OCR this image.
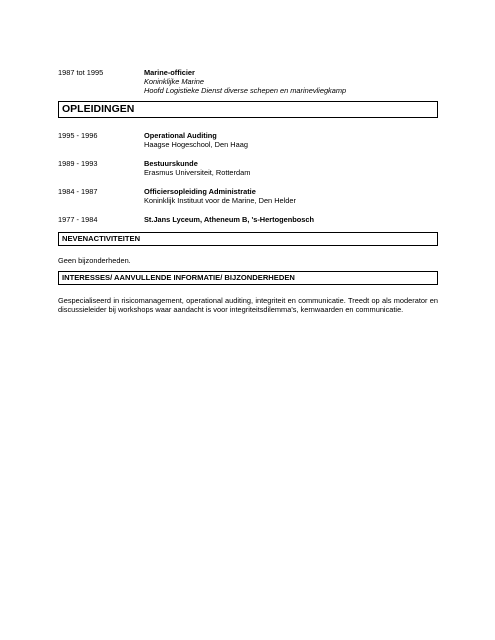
1987 tot 1995	Marine-officier
Koninklijke Marine
Hoofd Logistieke Dienst diverse schepen en marinevliegkamp
OPLEIDINGEN
1995 - 1996	Operational Auditing
Haagse Hogeschool, Den Haag
1989 - 1993	Bestuurskunde
Erasmus Universiteit, Rotterdam
1984 - 1987	Officiersopleiding Administratie
Koninklijk Instituut voor de Marine, Den Helder
1977 - 1984	St.Jans Lyceum, Atheneum B, 's-Hertogenbosch
NEVENACTIVITEITEN
Geen bijzonderheden.
INTERESSES/ AANVULLENDE INFORMATIE/ BIJZONDERHEDEN
Gespecialiseerd in risicomanagement, operational auditing, integriteit en communicatie. Treedt op als moderator en discussieleider bij workshops waar aandacht is voor integriteitsdilemma's, kernwaarden en communicatie.
